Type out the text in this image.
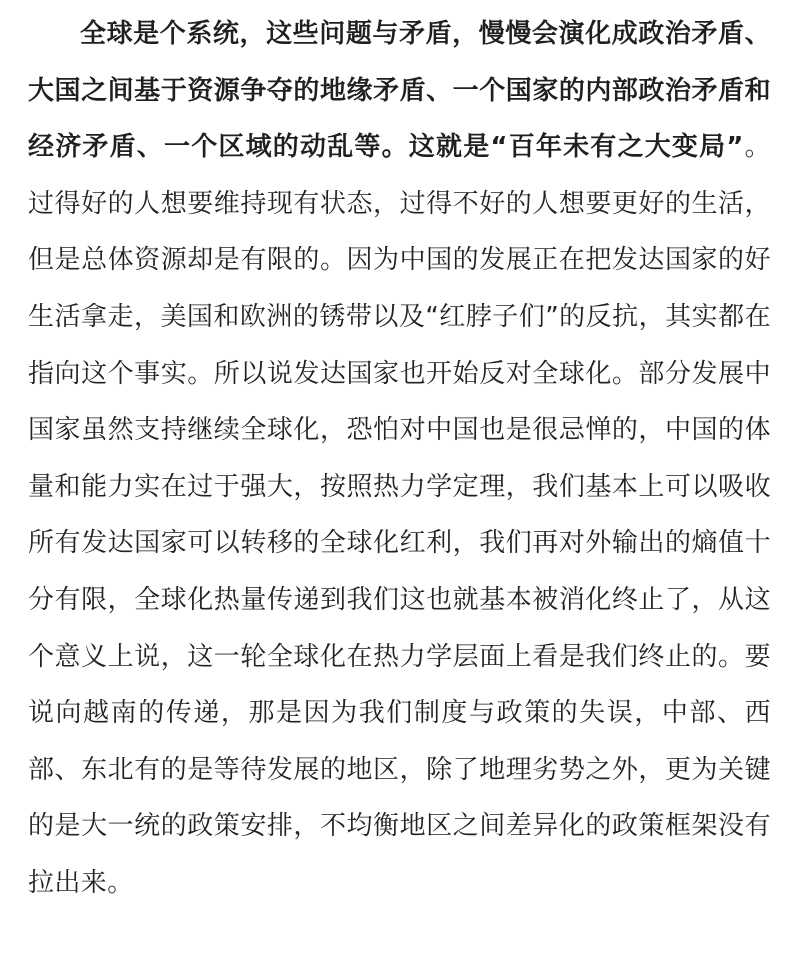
全球是个系统，这些问题与矛盾，慢慢会演化成政治矛盾、大国之间基于资源争夺的地缘矛盾、一个国家的内部政治矛盾和经济矛盾、一个区域的动乱等。这就是“百年未有之大变局”。过得好的人想要维持现有状态，过得不好的人想要更好的生活，但是总体资源却是有限的。因为中国的发展正在把发达国家的好生活拿走，美国和欧洲的锈带以及“红脖子们”的反抗，其实都在指向这个事实。所以说发达国家也开始反对全球化。部分发展中国家虽然支持继续全球化，恐怕对中国也是很忌惮的，中国的体量和能力实在过于强大，按照热力学定理，我们基本上可以吸收所有发达国家可以转移的全球化红利，我们再对外输出的熵值十分有限，全球化热量传递到我们这也就基本被消化终止了，从这个意义上说，这一轮全球化在热力学层面上看是我们终止的。要说向越南的传递，那是因为我们制度与政策的失误，中部、西部、东北有的是等待发展的地区，除了地理劣势之外，更为关键的是大一统的政策安排，不均衡地区之间差异化的政策框架没有拉出来。
